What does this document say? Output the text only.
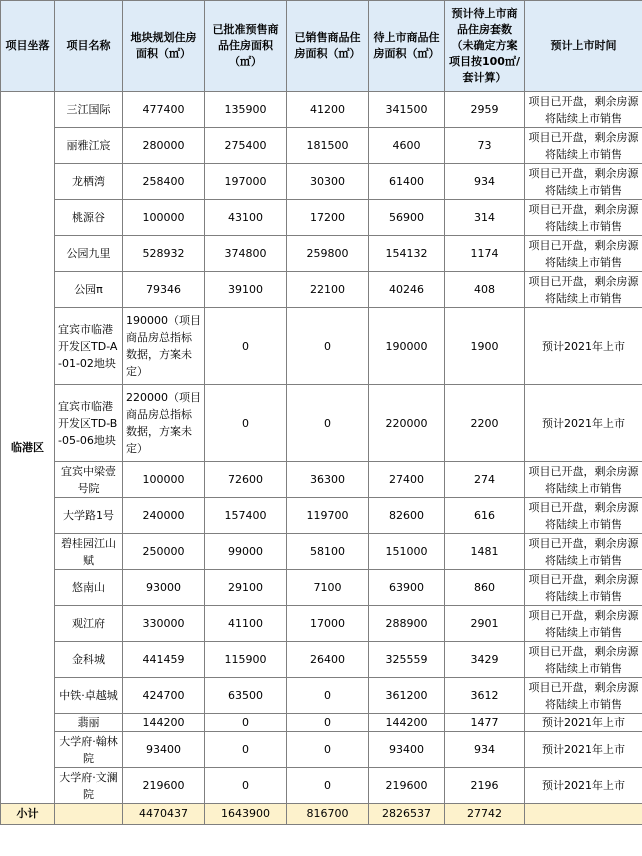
项目坐落	项目名称	地块规划住房面积（㎡）	已批准预售商品住房面积（㎡）	已销售商品住房面积（㎡）	待上市商品住房面积（㎡）	预计待上市商品住房套数（未确定方案项目按100㎡/套计算）	预计上市时间
临港区	三江国际	477400	135900	41200	341500	2959	项目已开盘，剩余房源将陆续上市销售
	丽雅江宸	280000	275400	181500	4600	73	项目已开盘，剩余房源将陆续上市销售
	龙栖湾	258400	197000	30300	61400	934	项目已开盘，剩余房源将陆续上市销售
	桃源谷	100000	43100	17200	56900	314	项目已开盘，剩余房源将陆续上市销售
	公园九里	528932	374800	259800	154132	1174	项目已开盘，剩余房源将陆续上市销售
	公园π	79346	39100	22100	40246	408	项目已开盘，剩余房源将陆续上市销售
	宜宾市临港开发区TD-A-01-02地块	190000（项目商品房总指标数据，方案未定）	0	0	190000	1900	预计2021年上市
	宜宾市临港开发区TD-B-05-06地块	220000（项目商品房总指标数据，方案未定）	0	0	220000	2200	预计2021年上市
	宜宾中梁壹号院	100000	72600	36300	27400	274	项目已开盘，剩余房源将陆续上市销售
	大学路1号	240000	157400	119700	82600	616	项目已开盘，剩余房源将陆续上市销售
	碧桂园江山赋	250000	99000	58100	151000	1481	项目已开盘，剩余房源将陆续上市销售
	悠南山	93000	29100	7100	63900	860	项目已开盘，剩余房源将陆续上市销售
	观江府	330000	41100	17000	288900	2901	项目已开盘，剩余房源将陆续上市销售
	金科城	441459	115900	26400	325559	3429	项目已开盘，剩余房源将陆续上市销售
	中铁·卓越城	424700	63500	0	361200	3612	项目已开盘，剩余房源将陆续上市销售
	翡丽	144200	0	0	144200	1477	预计2021年上市
	大学府·翰林院	93400	0	0	93400	934	预计2021年上市
	大学府·文澜院	219600	0	0	219600	2196	预计2021年上市
小计		4470437	1643900	816700	2826537	27742	
